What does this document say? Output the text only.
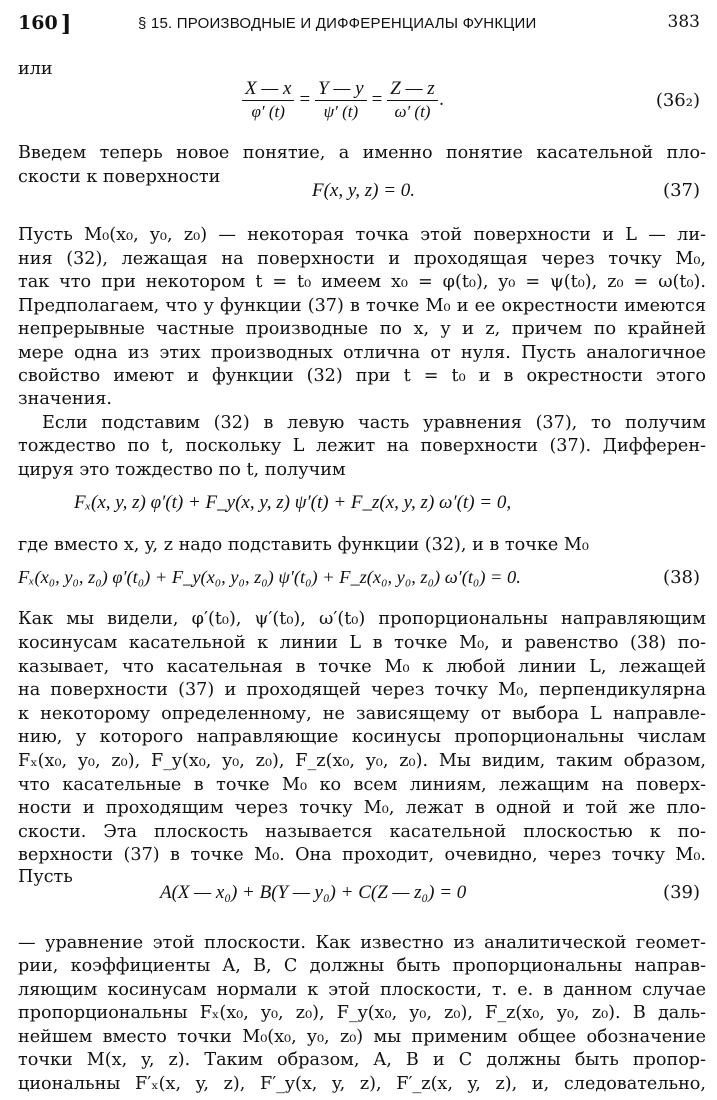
160 ]	§ 15. ПРОИЗВОДНЫЕ И ДИФФЕРЕНЦИАЛЫ ФУНКЦИИ	383
или
$\frac{X — x}{\varphi' (t)} = \frac{Y — y}{\psi' (t)} = \frac{Z — z}{\omega' (t)}$ .	(36₂)
Введем теперь новое понятие, а именно понятие касательной пло-
скости к поверхности
F(x, y, z) = 0.	(37)
Пусть M₀(x₀, y₀, z₀) — некоторая точка этой поверхности и L — ли-
ния (32), лежащая на поверхности и проходящая через точку M₀,
так что при некотором t = t₀ имеем x₀ = φ(t₀), y₀ = ψ(t₀), z₀ = ω(t₀).
Предполагаем, что у функции (37) в точке M₀ и ее окрестности имеются
непрерывные частные производные по x, y и z, причем по крайней
мере одна из этих производных отлична от нуля. Пусть аналогичное
свойство имеют и функции (32) при t = t₀ и в окрестности этого
значения.
Если подставим (32) в левую часть уравнения (37), то получим
тождество по t, поскольку L лежит на поверхности (37). Дифферен-
цируя это тождество по t, получим
Fₓ(x, y, z) φ′(t) + F_y(x, y, z) ψ′(t) + F_z(x, y, z) ω′(t) = 0,
где вместо x, y, z надо подставить функции (32), и в точке M₀
Fₓ(x₀, y₀, z₀) φ′(t₀) + F_y(x₀, y₀, z₀) ψ′(t₀) + F_z(x₀, y₀, z₀) ω′(t₀) = 0.	(38)
Как мы видели, φ′(t₀), ψ′(t₀), ω′(t₀) пропорциональны направляющим
косинусам касательной к линии L в точке M₀, и равенство (38) по-
казывает, что касательная в точке M₀ к любой линии L, лежащей
на поверхности (37) и проходящей через точку M₀, перпендикулярна
к некоторому определенному, не зависящему от выбора L направле-
нию, у которого направляющие косинусы пропорциональны числам
Fₓ(x₀, y₀, z₀), F_y(x₀, y₀, z₀), F_z(x₀, y₀, z₀). Мы видим, таким образом,
что касательные в точке M₀ ко всем линиям, лежащим на поверх-
ности и проходящим через точку M₀, лежат в одной и той же пло-
скости. Эта плоскость называется касательной плоскостью к по-
верхности (37) в точке M₀. Она проходит, очевидно, через точку M₀.
Пусть
A(X — x₀) + B(Y — y₀) + C(Z — z₀) = 0	(39)
— уравнение этой плоскости. Как известно из аналитической геомет-
рии, коэффициенты A, B, C должны быть пропорциональны направ-
ляющим косинусам нормали к этой плоскости, т. е. в данном случае
пропорциональны Fₓ(x₀, y₀, z₀), F_y(x₀, y₀, z₀), F_z(x₀, y₀, z₀). В даль-
нейшем вместо точки M₀(x₀, y₀, z₀) мы применим общее обозначение
точки M(x, y, z). Таким образом, A, B и C должны быть пропор-
циональны F′ₓ(x, y, z), F′_y(x, y, z), F′_z(x, y, z), и, следовательно,
